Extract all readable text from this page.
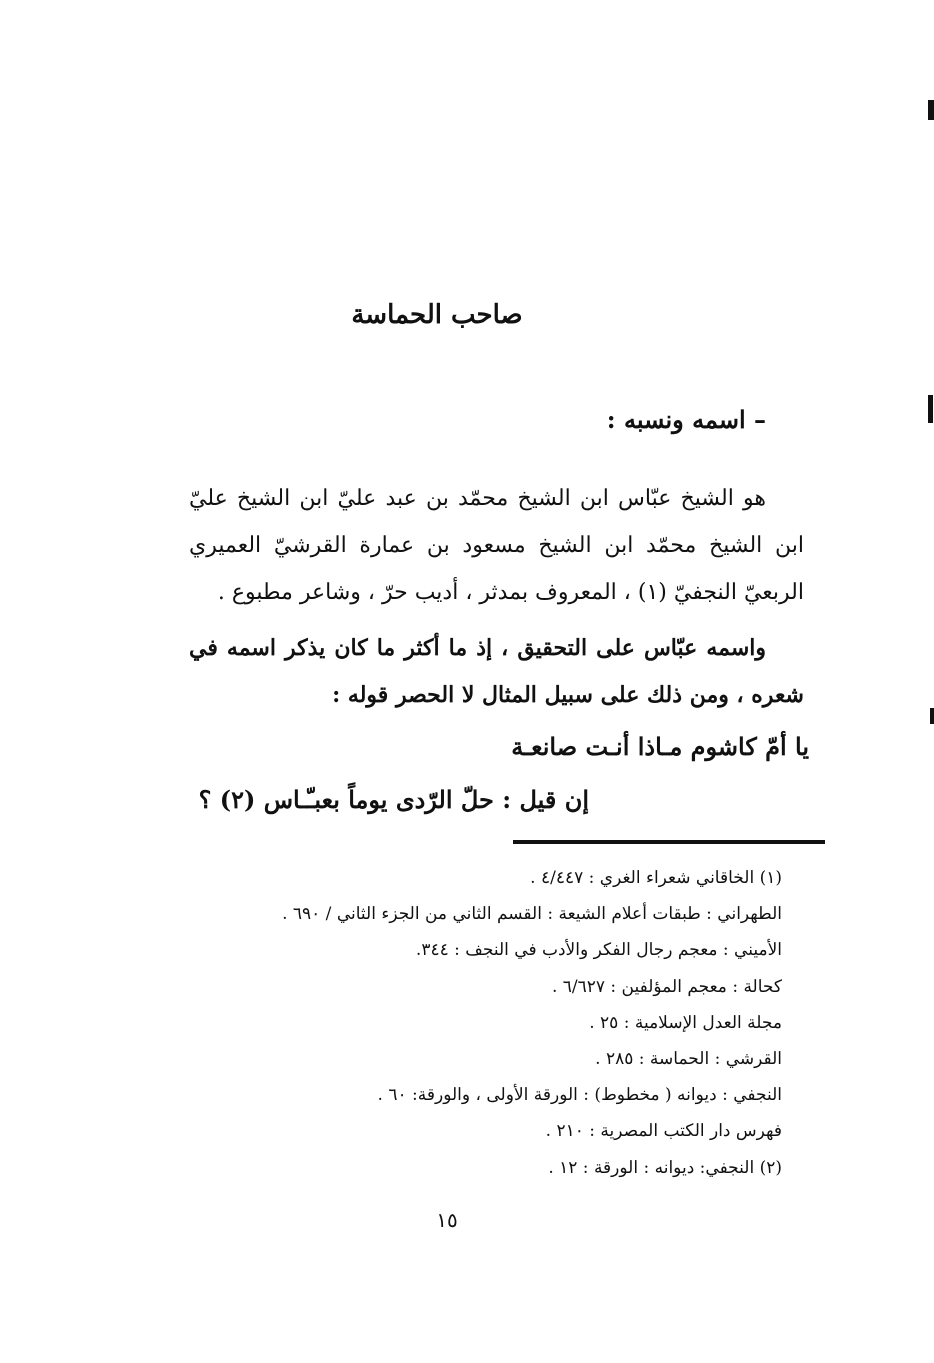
صاحب الحماسة
– اسمه ونسبه :
هو الشيخ عبّاس ابن الشيخ محمّد بن عبد عليّ ابن الشيخ عليّ ابن الشيخ محمّد ابن الشيخ مسعود بن عمارة القرشيّ العميري الربعيّ النجفيّ (١) ، المعروف بمدثر ، أديب حرّ ، وشاعر مطبوع .
واسمه عبّاس على التحقيق ، إذ ما أكثر ما كان يذكر اسمه في شعره ، ومن ذلك على سبيل المثال لا الحصر قوله :
يا أمّ كاشوم مـاذا أنـت صانعـة
إن قيل : حلّ الرّدى يوماً بعبـّـاس (٢) ؟
(١) الخاقاني شعراء الغري : ٤/٤٤٧ .
الطهراني : طبقات أعلام الشيعة : القسم الثاني من الجزء الثاني / ٦٩٠ .
الأميني : معجم رجال الفكر والأدب في النجف : ٣٤٤.
كحالة : معجم المؤلفين : ٦/٦٢٧ .
مجلة العدل الإسلامية : ٢٥ .
القرشي : الحماسة : ٢٨٥ .
النجفي : ديوانه ( مخطوط) : الورقة الأولى ، والورقة: ٦٠ .
فهرس دار الكتب المصرية : ٢١٠ .
(٢) النجفي: ديوانه : الورقة : ١٢ .
١٥
